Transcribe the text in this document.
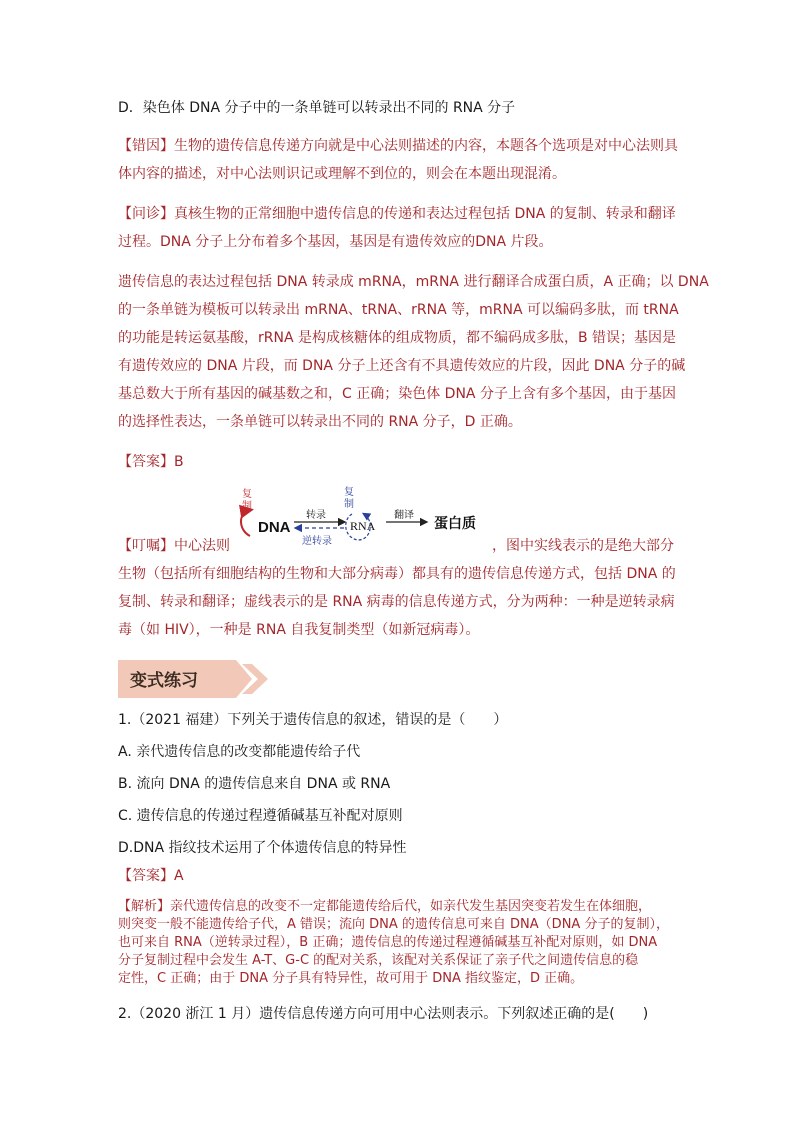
D．染色体 DNA 分子中的一条单链可以转录出不同的 RNA 分子
【错因】生物的遗传信息传递方向就是中心法则描述的内容，本题各个选项是对中心法则具
体内容的描述，对中心法则识记或理解不到位的，则会在本题出现混淆。
【问诊】真核生物的正常细胞中遗传信息的传递和表达过程包括 DNA 的复制、转录和翻译
过程。DNA 分子上分布着多个基因，基因是有遗传效应的DNA 片段。
遗传信息的表达过程包括 DNA 转录成 mRNA，mRNA 进行翻译合成蛋白质，A 正确；以 DNA
的一条单链为模板可以转录出 mRNA、tRNA、rRNA 等，mRNA 可以编码多肽，而 tRNA
的功能是转运氨基酸，rRNA 是构成核糖体的组成物质，都不编码成多肽，B 错误；基因是
有遗传效应的 DNA 片段，而 DNA 分子上还含有不具遗传效应的片段，因此 DNA 分子的碱
基总数大于所有基因的碱基数之和，C 正确；染色体 DNA 分子上含有多个基因，由于基因
的选择性表达，一条单链可以转录出不同的 RNA 分子，D 正确。
【答案】B
复
制
DNA
转录
逆转录
复
制
RNA
翻译
蛋白质
【叮嘱】中心法则	，图中实线表示的是绝大部分
生物（包括所有细胞结构的生物和大部分病毒）都具有的遗传信息传递方式，包括 DNA 的
复制、转录和翻译；虚线表示的是 RNA 病毒的信息传递方式，分为两种：一种是逆转录病
毒（如 HIV），一种是 RNA 自我复制类型（如新冠病毒）。
变式练习
1.（2021 福建）下列关于遗传信息的叙述，错误的是（　　）
A. 亲代遗传信息的改变都能遗传给子代
B. 流向 DNA 的遗传信息来自 DNA 或 RNA
C. 遗传信息的传递过程遵循碱基互补配对原则
D.DNA 指纹技术运用了个体遗传信息的特异性
【答案】A
【解析】亲代遗传信息的改变不一定都能遗传给后代，如亲代发生基因突变若发生在体细胞，
则突变一般不能遗传给子代，A 错误；流向 DNA 的遗传信息可来自 DNA（DNA 分子的复制），
也可来自 RNA（逆转录过程），B 正确；遗传信息的传递过程遵循碱基互补配对原则，如 DNA
分子复制过程中会发生 A-T、G-C 的配对关系，该配对关系保证了亲子代之间遗传信息的稳
定性，C 正确；由于 DNA 分子具有特异性，故可用于 DNA 指纹鉴定，D 正确。
2.（2020 浙江 1 月）遗传信息传递方向可用中心法则表示。下列叙述正确的是(　　)
